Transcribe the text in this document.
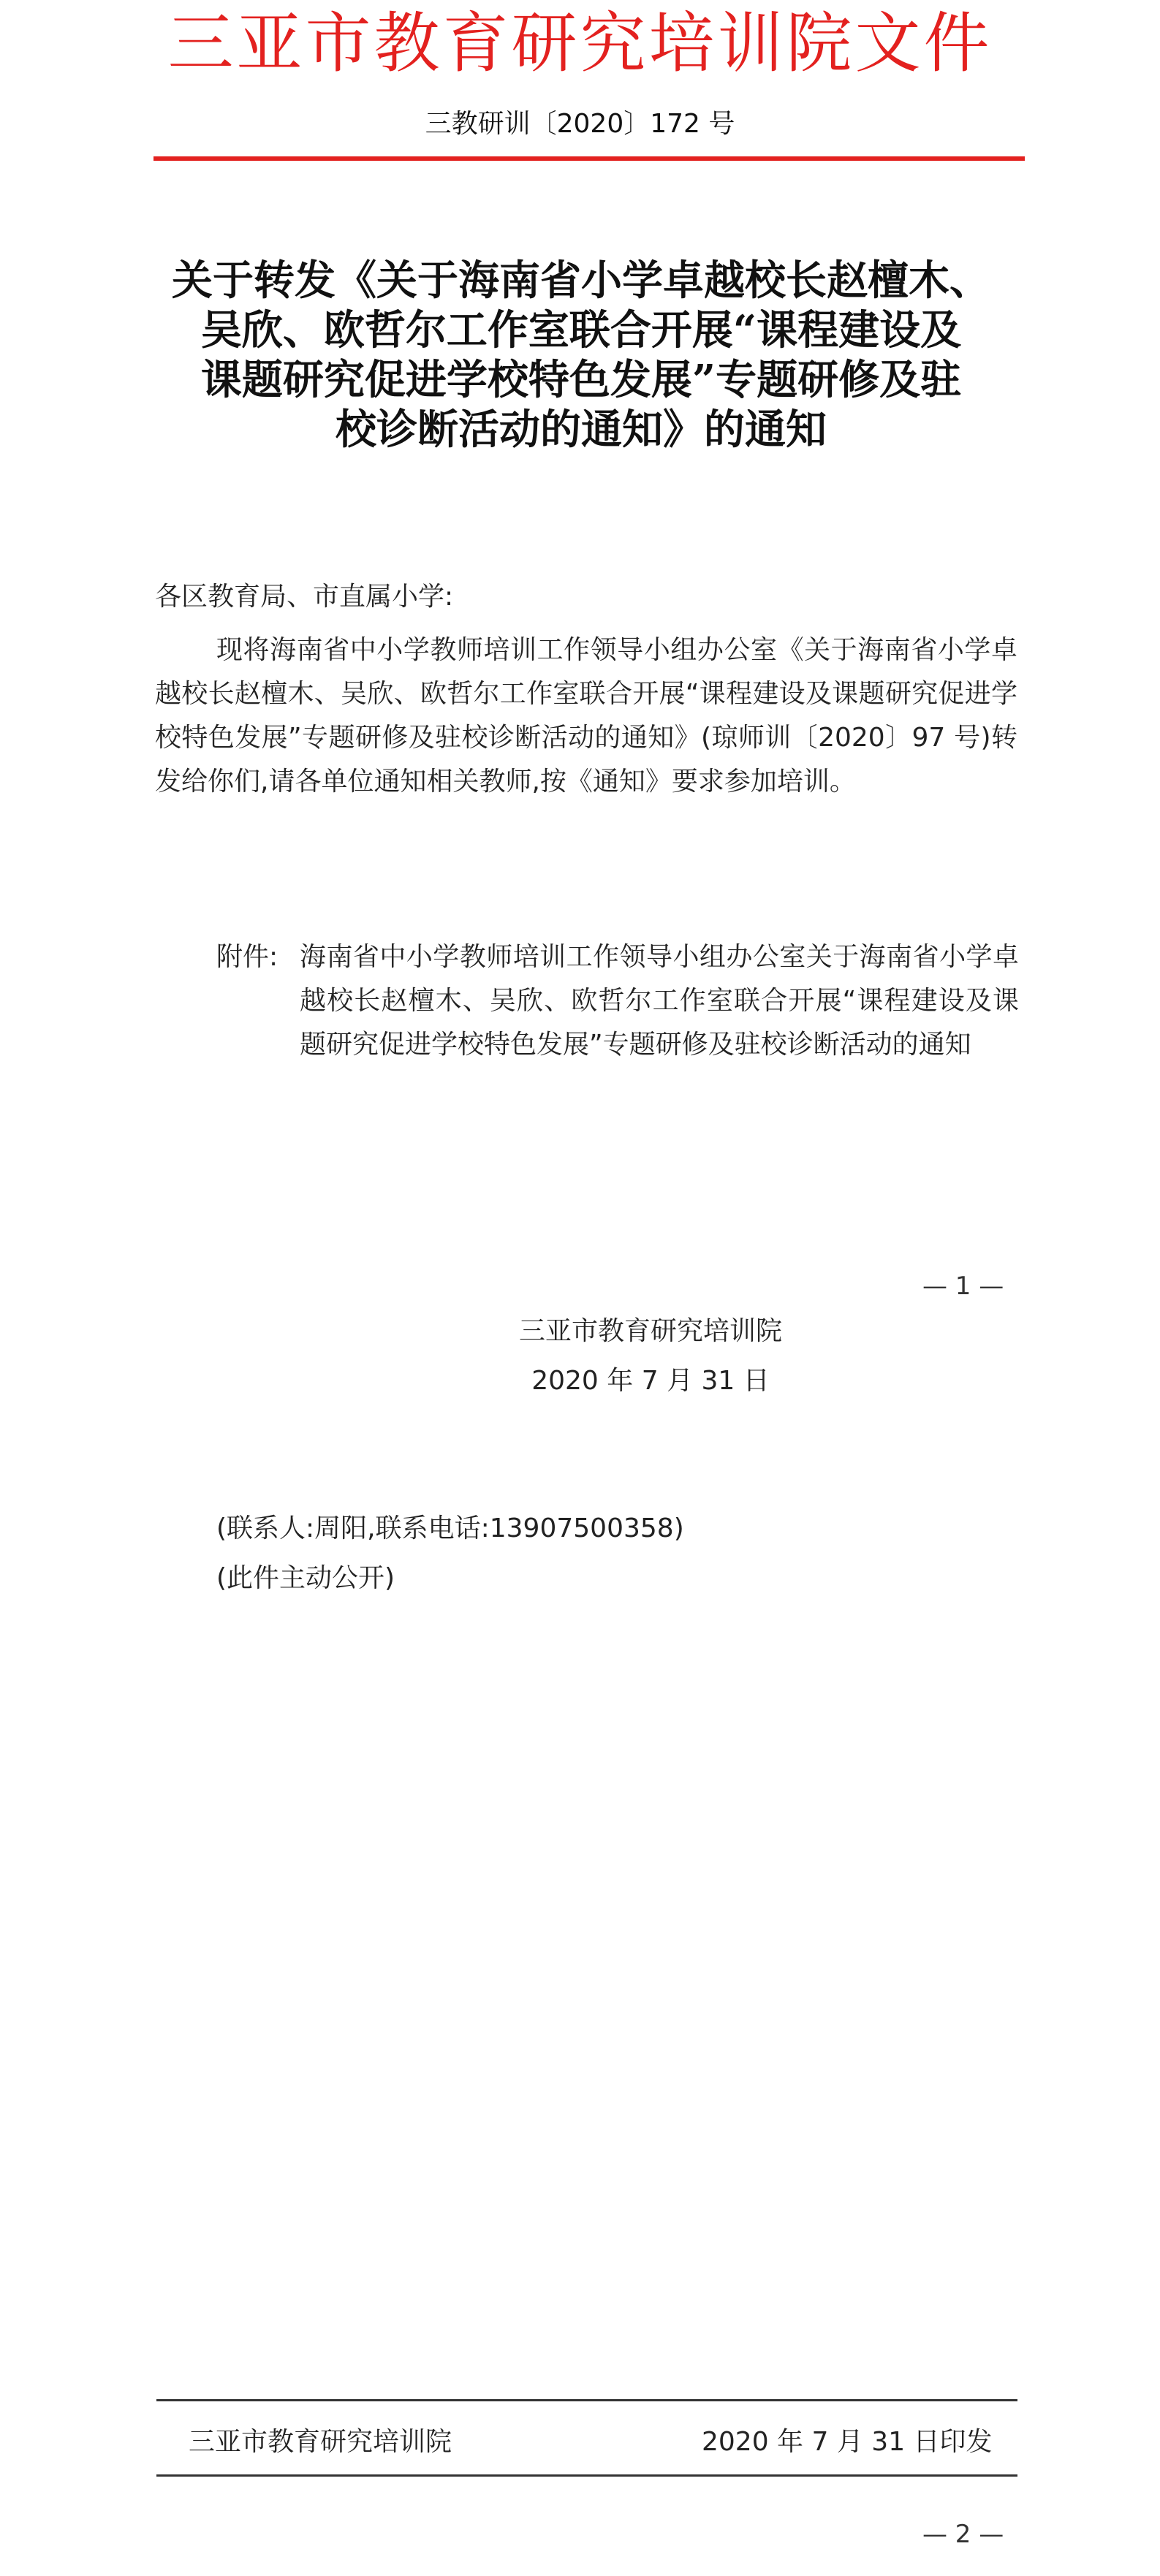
三亚市教育研究培训院文件
三教研训〔2020〕172 号
关于转发《关于海南省小学卓越校长赵檀木、
吴欣、欧哲尔工作室联合开展“课程建设及
课题研究促进学校特色发展”专题研修及驻
校诊断活动的通知》的通知
各区教育局、市直属小学:

现将海南省中小学教师培训工作领导小组办公室《关于海南省小学卓越校长赵檀木、吴欣、欧哲尔工作室联合开展“课程建设及课题研究促进学校特色发展”专题研修及驻校诊断活动的通知》(琼师训〔2020〕97 号)转发给你们,请各单位通知相关教师,按《通知》要求参加培训。

附件: 海南省中小学教师培训工作领导小组办公室关于海南省小学卓越校长赵檀木、吴欣、欧哲尔工作室联合开展“课程建设及课题研究促进学校特色发展”专题研修及驻校诊断活动的通知

— 1 —
三亚市教育研究培训院
2020 年 7 月 31 日
(联系人:周阳,联系电话:13907500358)
(此件主动公开)
三亚市教育研究培训院	2020 年 7 月 31 日印发
— 2 —
